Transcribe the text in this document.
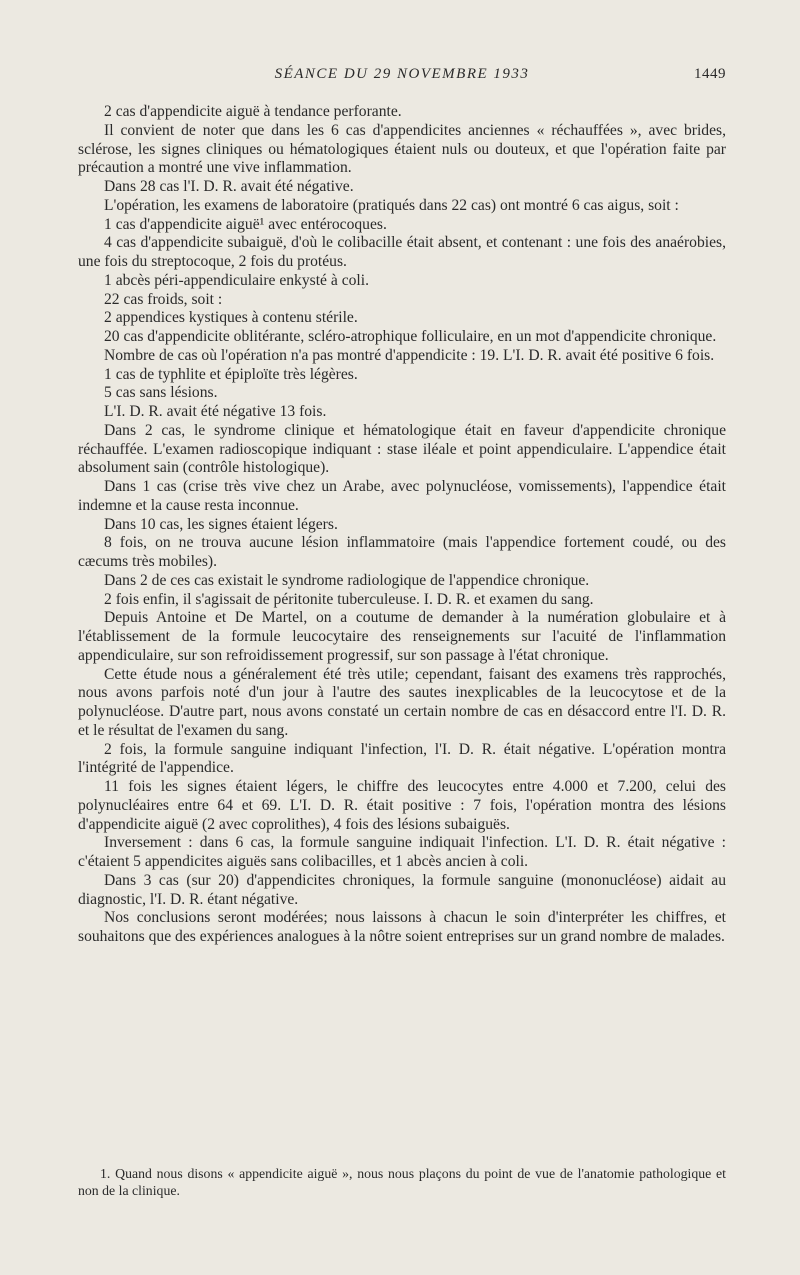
SÉANCE DU 29 NOVEMBRE 1933	1449

2 cas d'appendicite aiguë à tendance perforante.

Il convient de noter que dans les 6 cas d'appendicites anciennes « réchauffées », avec brides, sclérose, les signes cliniques ou hématologiques étaient nuls ou douteux, et que l'opération faite par précaution a montré une vive inflammation.

Dans 28 cas l'I. D. R. avait été négative.

L'opération, les examens de laboratoire (pratiqués dans 22 cas) ont montré 6 cas aigus, soit :

1 cas d'appendicite aiguë¹ avec entérocoques.

4 cas d'appendicite subaiguë, d'où le colibacille était absent, et contenant : une fois des anaérobies, une fois du streptocoque, 2 fois du protéus.

1 abcès péri-appendiculaire enkysté à coli.

22 cas froids, soit :

2 appendices kystiques à contenu stérile.

20 cas d'appendicite oblitérante, scléro-atrophique folliculaire, en un mot d'appendicite chronique.

Nombre de cas où l'opération n'a pas montré d'appendicite : 19. L'I. D. R. avait été positive 6 fois.

1 cas de typhlite et épiploïte très légères.

5 cas sans lésions.

L'I. D. R. avait été négative 13 fois.

Dans 2 cas, le syndrome clinique et hématologique était en faveur d'appendicite chronique réchauffée. L'examen radioscopique indiquant : stase iléale et point appendiculaire. L'appendice était absolument sain (contrôle histologique).

Dans 1 cas (crise très vive chez un Arabe, avec polynucléose, vomissements), l'appendice était indemne et la cause resta inconnue.

Dans 10 cas, les signes étaient légers.

8 fois, on ne trouva aucune lésion inflammatoire (mais l'appendice fortement coudé, ou des cæcums très mobiles).

Dans 2 de ces cas existait le syndrome radiologique de l'appendice chronique.

2 fois enfin, il s'agissait de péritonite tuberculeuse. I. D. R. et examen du sang.

Depuis Antoine et De Martel, on a coutume de demander à la numération globulaire et à l'établissement de la formule leucocytaire des renseignements sur l'acuité de l'inflammation appendiculaire, sur son refroidissement progressif, sur son passage à l'état chronique.

Cette étude nous a généralement été très utile; cependant, faisant des examens très rapprochés, nous avons parfois noté d'un jour à l'autre des sautes inexplicables de la leucocytose et de la polynucléose. D'autre part, nous avons constaté un certain nombre de cas en désaccord entre l'I. D. R. et le résultat de l'examen du sang.

2 fois, la formule sanguine indiquant l'infection, l'I. D. R. était négative. L'opération montra l'intégrité de l'appendice.

11 fois les signes étaient légers, le chiffre des leucocytes entre 4.000 et 7.200, celui des polynucléaires entre 64 et 69. L'I. D. R. était positive : 7 fois, l'opération montra des lésions d'appendicite aiguë (2 avec coprolithes), 4 fois des lésions subaiguës.

Inversement : dans 6 cas, la formule sanguine indiquait l'infection. L'I. D. R. était négative : c'étaient 5 appendicites aiguës sans colibacilles, et 1 abcès ancien à coli.

Dans 3 cas (sur 20) d'appendicites chroniques, la formule sanguine (mononucléose) aidait au diagnostic, l'I. D. R. étant négative.

Nos conclusions seront modérées; nous laissons à chacun le soin d'interpréter les chiffres, et souhaitons que des expériences analogues à la nôtre soient entreprises sur un grand nombre de malades.

1. Quand nous disons « appendicite aiguë », nous nous plaçons du point de vue de l'anatomie pathologique et non de la clinique.
